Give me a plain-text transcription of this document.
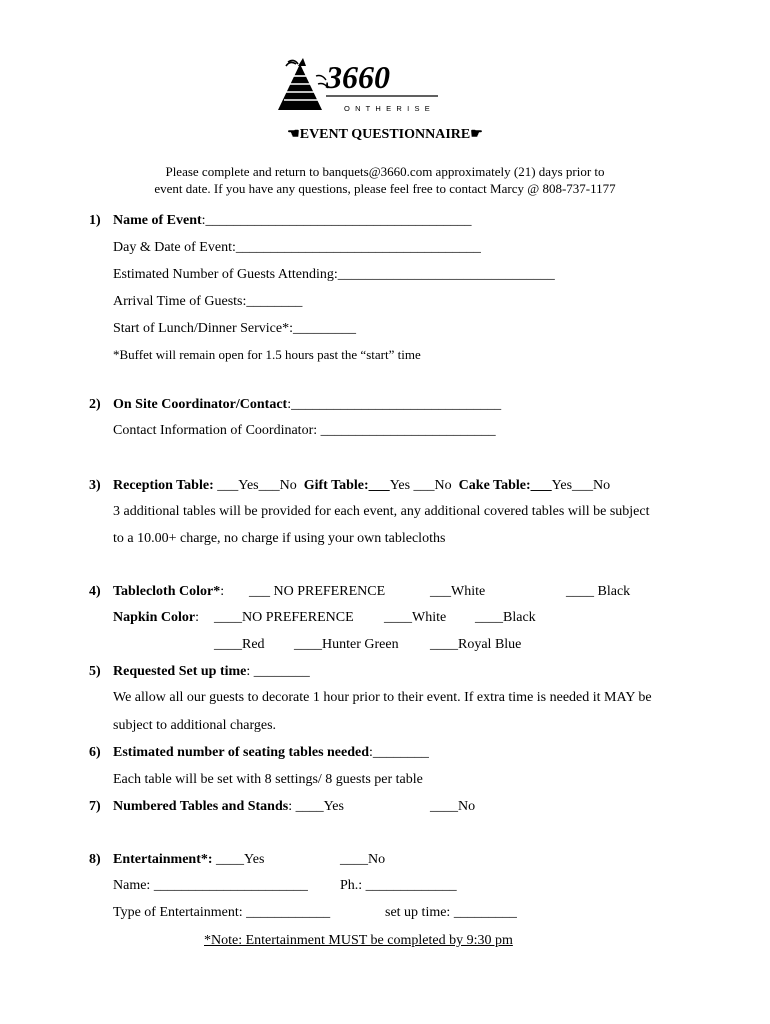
3660
O N T H E R I S E
☚EVENT QUESTIONNAIRE☛
Please complete and return to banquets@3660.com approximately (21) days prior to
event date. If you have any questions, please feel free to contact Marcy @ 808-737-1177
1) Name of Event:______________________________________
Day & Date of Event:___________________________________
Estimated Number of Guests Attending:_______________________________
Arrival Time of Guests:________
Start of Lunch/Dinner Service*:_________
*Buffet will remain open for 1.5 hours past the “start” time
2) On Site Coordinator/Contact:______________________________
Contact Information of Coordinator: _________________________
3) Reception Table: ___Yes___No Gift Table:___Yes ___No Cake Table:___Yes___No
3 additional tables will be provided for each event, any additional covered tables will be subject
to a 10.00+ charge, no charge if using your own tablecloths
4) Tablecloth Color*: ___ NO PREFERENCE	___White	____ Black
Napkin Color: ____NO PREFERENCE ____White ____Black
____Red ____Hunter Green ____Royal Blue
5) Requested Set up time: ________
We allow all our guests to decorate 1 hour prior to their event. If extra time is needed it MAY be
subject to additional charges.
6) Estimated number of seating tables needed:________
Each table will be set with 8 settings/ 8 guests per table
7) Numbered Tables and Stands: ____Yes	____No
8) Entertainment*: ____Yes	____No
Name: ______________________ Ph.: _____________
Type of Entertainment: ____________	set up time: _________
*Note: Entertainment MUST be completed by 9:30 pm
